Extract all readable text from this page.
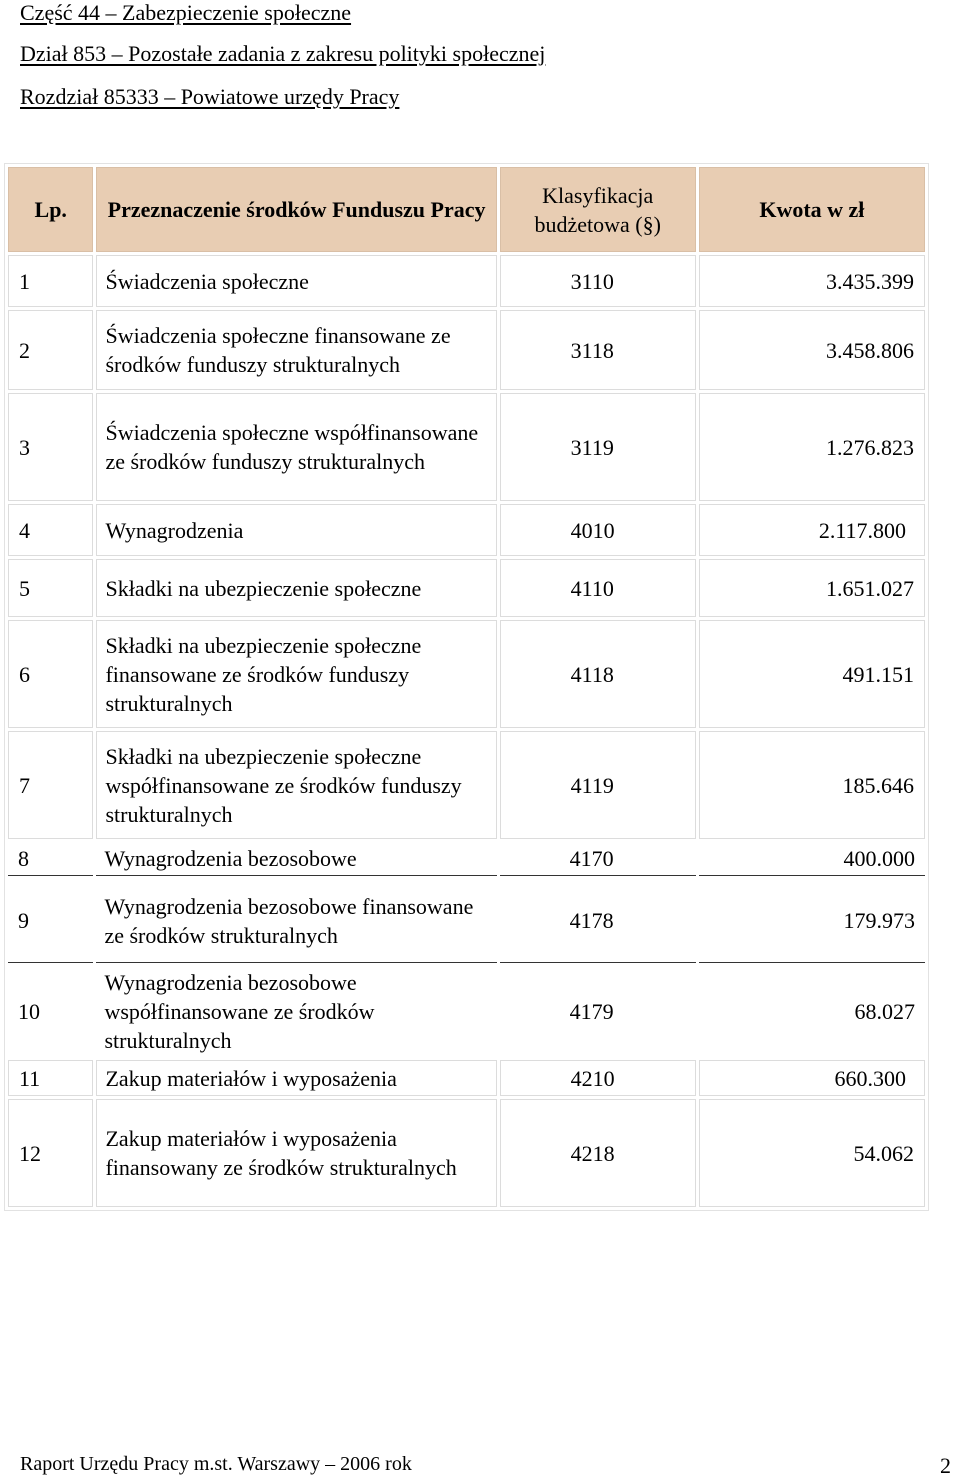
Część 44 – Zabezpieczenie społeczne
Dział 853 – Pozostałe zadania z zakresu polityki społecznej
Rozdział 85333 – Powiatowe urzędy Pracy
Lp.	Przeznaczenie środków Funduszu Pracy	Klasyfikacja budżetowa (§)	Kwota w zł
1	Świadczenia społeczne	3110	3.435.399
2	Świadczenia społeczne finansowane ze środków funduszy strukturalnych	3118	3.458.806
3	Świadczenia społeczne współfinansowane ze środków funduszy strukturalnych	3119	1.276.823
4	Wynagrodzenia	4010	2.117.800
5	Składki na ubezpieczenie społeczne	4110	1.651.027
6	Składki na ubezpieczenie społeczne finansowane ze środków funduszy strukturalnych	4118	491.151
7	Składki na ubezpieczenie społeczne współfinansowane ze środków funduszy strukturalnych	4119	185.646
8	Wynagrodzenia bezosobowe	4170	400.000
9	Wynagrodzenia bezosobowe finansowane ze środków strukturalnych	4178	179.973
10	Wynagrodzenia bezosobowe współfinansowane ze środków strukturalnych	4179	68.027
11	Zakup materiałów i wyposażenia	4210	660.300
12	Zakup materiałów i wyposażenia finansowany ze środków strukturalnych	4218	54.062
Raport Urzędu Pracy m.st. Warszawy – 2006 rok	2
